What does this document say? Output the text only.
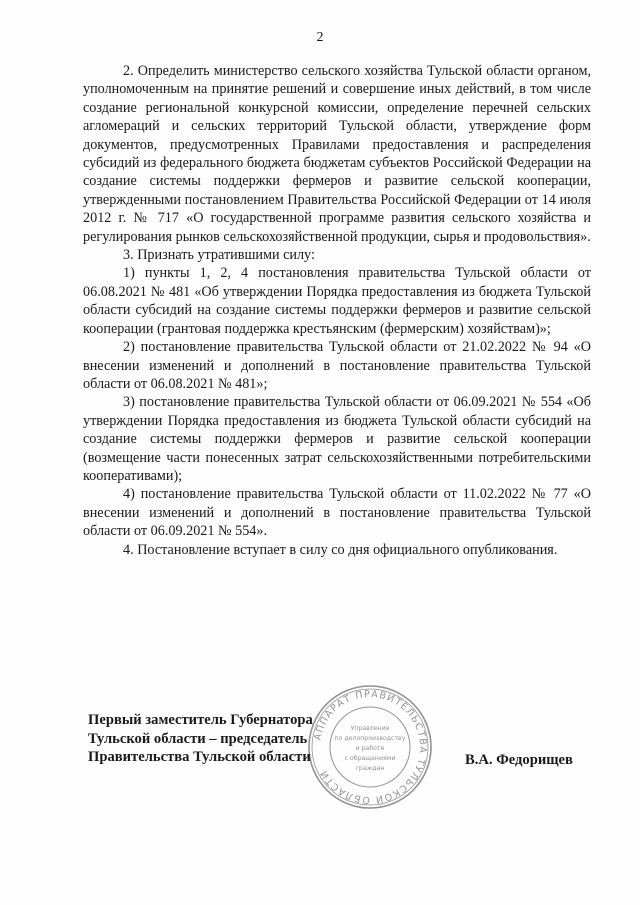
2

2. Определить министерство сельского хозяйства Тульской области органом, уполномоченным на принятие решений и совершение иных действий, в том числе создание региональной конкурсной комиссии, определение перечней сельских агломераций и сельских территорий Тульской области, утверждение форм документов, предусмотренных Правилами предоставления и распределения субсидий из федерального бюджета бюджетам субъектов Российской Федерации на создание системы поддержки фермеров и развитие сельской кооперации, утвержденными постановлением Правительства Российской Федерации от 14 июля 2012 г. № 717 «О государственной программе развития сельского хозяйства и регулирования рынков сельскохозяйственной продукции, сырья и продовольствия».

3. Признать утратившими силу:

1) пункты 1, 2, 4 постановления правительства Тульской области от 06.08.2021 № 481 «Об утверждении Порядка предоставления из бюджета Тульской области субсидий на создание системы поддержки фермеров и развитие сельской кооперации (грантовая поддержка крестьянским (фермерским) хозяйствам)»;

2) постановление правительства Тульской области от 21.02.2022 № 94 «О внесении изменений и дополнений в постановление правительства Тульской области от 06.08.2021 № 481»;

3) постановление правительства Тульской области от 06.09.2021 № 554 «Об утверждении Порядка предоставления из бюджета Тульской области субсидий на создание системы поддержки фермеров и развитие сельской кооперации (возмещение части понесенных затрат сельскохозяйственными потребительскими кооперативами);

4) постановление правительства Тульской области от 11.02.2022 № 77 «О внесении изменений и дополнений в постановление правительства Тульской области от 06.09.2021 № 554».

4. Постановление вступает в силу со дня официального опубликования.

АППАРАТ ПРАВИТЕЛЬСТВА ТУЛЬСКОЙ ОБЛАСТИ
Управление
по делопроизводству
и работе
с обращениями
граждан
Первый заместитель Губернатора
Тульской области – председатель
Правительства Тульской области	В.А. Федорищев
